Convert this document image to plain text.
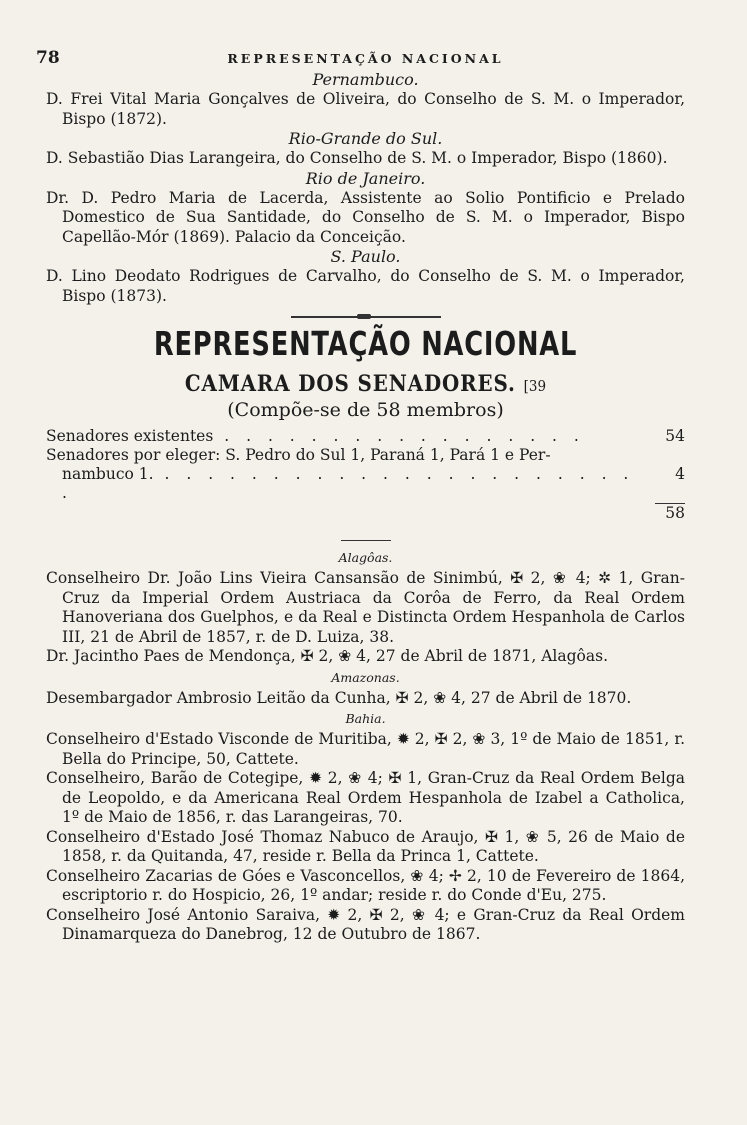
78	REPRESENTAÇÃO NACIONAL
Pernambuco.

D. Frei Vital Maria Gonçalves de Oliveira, do Conselho de S. M. o Imperador, Bispo (1872).

Rio-Grande do Sul.

D. Sebastião Dias Larangeira, do Conselho de S. M. o Imperador, Bispo (1860).

Rio de Janeiro.

Dr. D. Pedro Maria de Lacerda, Assistente ao Solio Pontificio e Prelado Domestico de Sua Santidade, do Conselho de S. M. o Imperador, Bispo Capellão-Mór (1869). Palacio da Conceição.

S. Paulo.

D. Lino Deodato Rodrigues de Carvalho, do Conselho de S. M. o Imperador, Bispo (1873).

REPRESENTAÇÃO NACIONAL
CAMARA DOS SENADORES. [39
(Compõe-se de 58 membros)
Senadores existentes . . . . . . . . . . . . . . . . .	54
Senadores por eleger: S. Pedro do Sul 1, Paraná 1, Pará 1 e Per-
nambuco 1. . . . . . . . . . . . . . . . . . . . . . . .
4
58
Alagôas.

Conselheiro Dr. João Lins Vieira Cansansão de Sinimbú, ✠ 2, ❀ 4; ✲ 1, Gran-Cruz da Imperial Ordem Austriaca da Corôa de Ferro, da Real Ordem Hanoveriana dos Guelphos, e da Real e Distincta Ordem Hespanhola de Carlos III, 21 de Abril de 1857, r. de D. Luiza, 38.

Dr. Jacintho Paes de Mendonça, ✠ 2, ❀ 4, 27 de Abril de 1871, Alagôas.

Amazonas.

Desembargador Ambrosio Leitão da Cunha, ✠ 2, ❀ 4, 27 de Abril de 1870.

Bahia.

Conselheiro d'Estado Visconde de Muritiba, ✹ 2, ✠ 2, ❀ 3, 1º de Maio de 1851, r. Bella do Principe, 50, Cattete.

Conselheiro, Barão de Cotegipe, ✹ 2, ❀ 4; ✠ 1, Gran-Cruz da Real Ordem Belga de Leopoldo, e da Americana Real Ordem Hespanhola de Izabel a Catholica, 1º de Maio de 1856, r. das Larangeiras, 70.

Conselheiro d'Estado José Thomaz Nabuco de Araujo, ✠ 1, ❀ 5, 26 de Maio de 1858, r. da Quitanda, 47, reside r. Bella da Princa 1, Cattete.

Conselheiro Zacarias de Góes e Vasconcellos, ❀ 4; ✢ 2, 10 de Fevereiro de 1864, escriptorio r. do Hospicio, 26, 1º andar; reside r. do Conde d'Eu, 275.

Conselheiro José Antonio Saraiva, ✹ 2, ✠ 2, ❀ 4; e Gran-Cruz da Real Ordem Dinamarqueza do Danebrog, 12 de Outubro de 1867.
